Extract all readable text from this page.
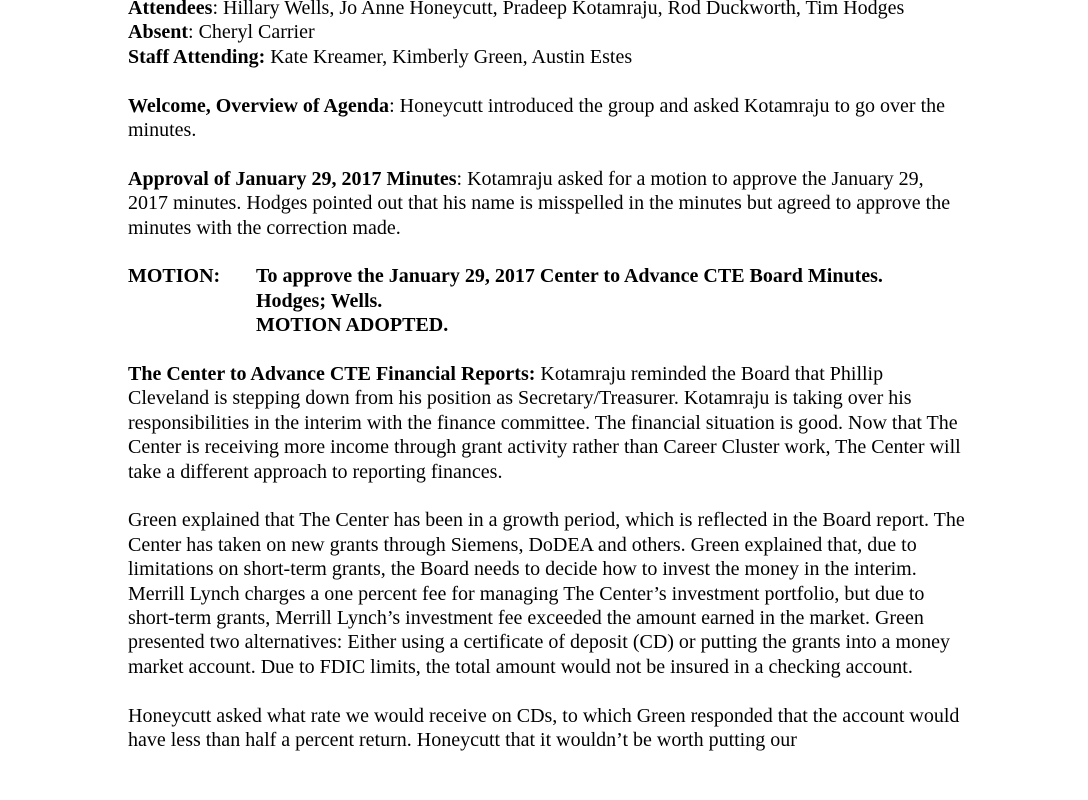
Attendees: Hillary Wells, Jo Anne Honeycutt, Pradeep Kotamraju, Rod Duckworth, Tim Hodges

Absent: Cheryl Carrier

Staff Attending: Kate Kreamer, Kimberly Green, Austin Estes

Welcome, Overview of Agenda: Honeycutt introduced the group and asked Kotamraju to go over the minutes.

Approval of January 29, 2017 Minutes: Kotamraju asked for a motion to approve the January 29, 2017 minutes. Hodges pointed out that his name is misspelled in the minutes but agreed to approve the minutes with the correction made.

MOTION:	To approve the January 29, 2017 Center to Advance CTE Board Minutes.
Hodges; Wells.
MOTION ADOPTED.

The Center to Advance CTE Financial Reports: Kotamraju reminded the Board that Phillip Cleveland is stepping down from his position as Secretary/Treasurer. Kotamraju is taking over his responsibilities in the interim with the finance committee. The financial situation is good. Now that The Center is receiving more income through grant activity rather than Career Cluster work, The Center will take a different approach to reporting finances.

Green explained that The Center has been in a growth period, which is reflected in the Board report. The Center has taken on new grants through Siemens, DoDEA and others. Green explained that, due to limitations on short-term grants, the Board needs to decide how to invest the money in the interim. Merrill Lynch charges a one percent fee for managing The Center’s investment portfolio, but due to short-term grants, Merrill Lynch’s investment fee exceeded the amount earned in the market. Green presented two alternatives: Either using a certificate of deposit (CD) or putting the grants into a money market account. Due to FDIC limits, the total amount would not be insured in a checking account.

Honeycutt asked what rate we would receive on CDs, to which Green responded that the account would have less than half a percent return. Honeycutt that it wouldn’t be worth putting our
